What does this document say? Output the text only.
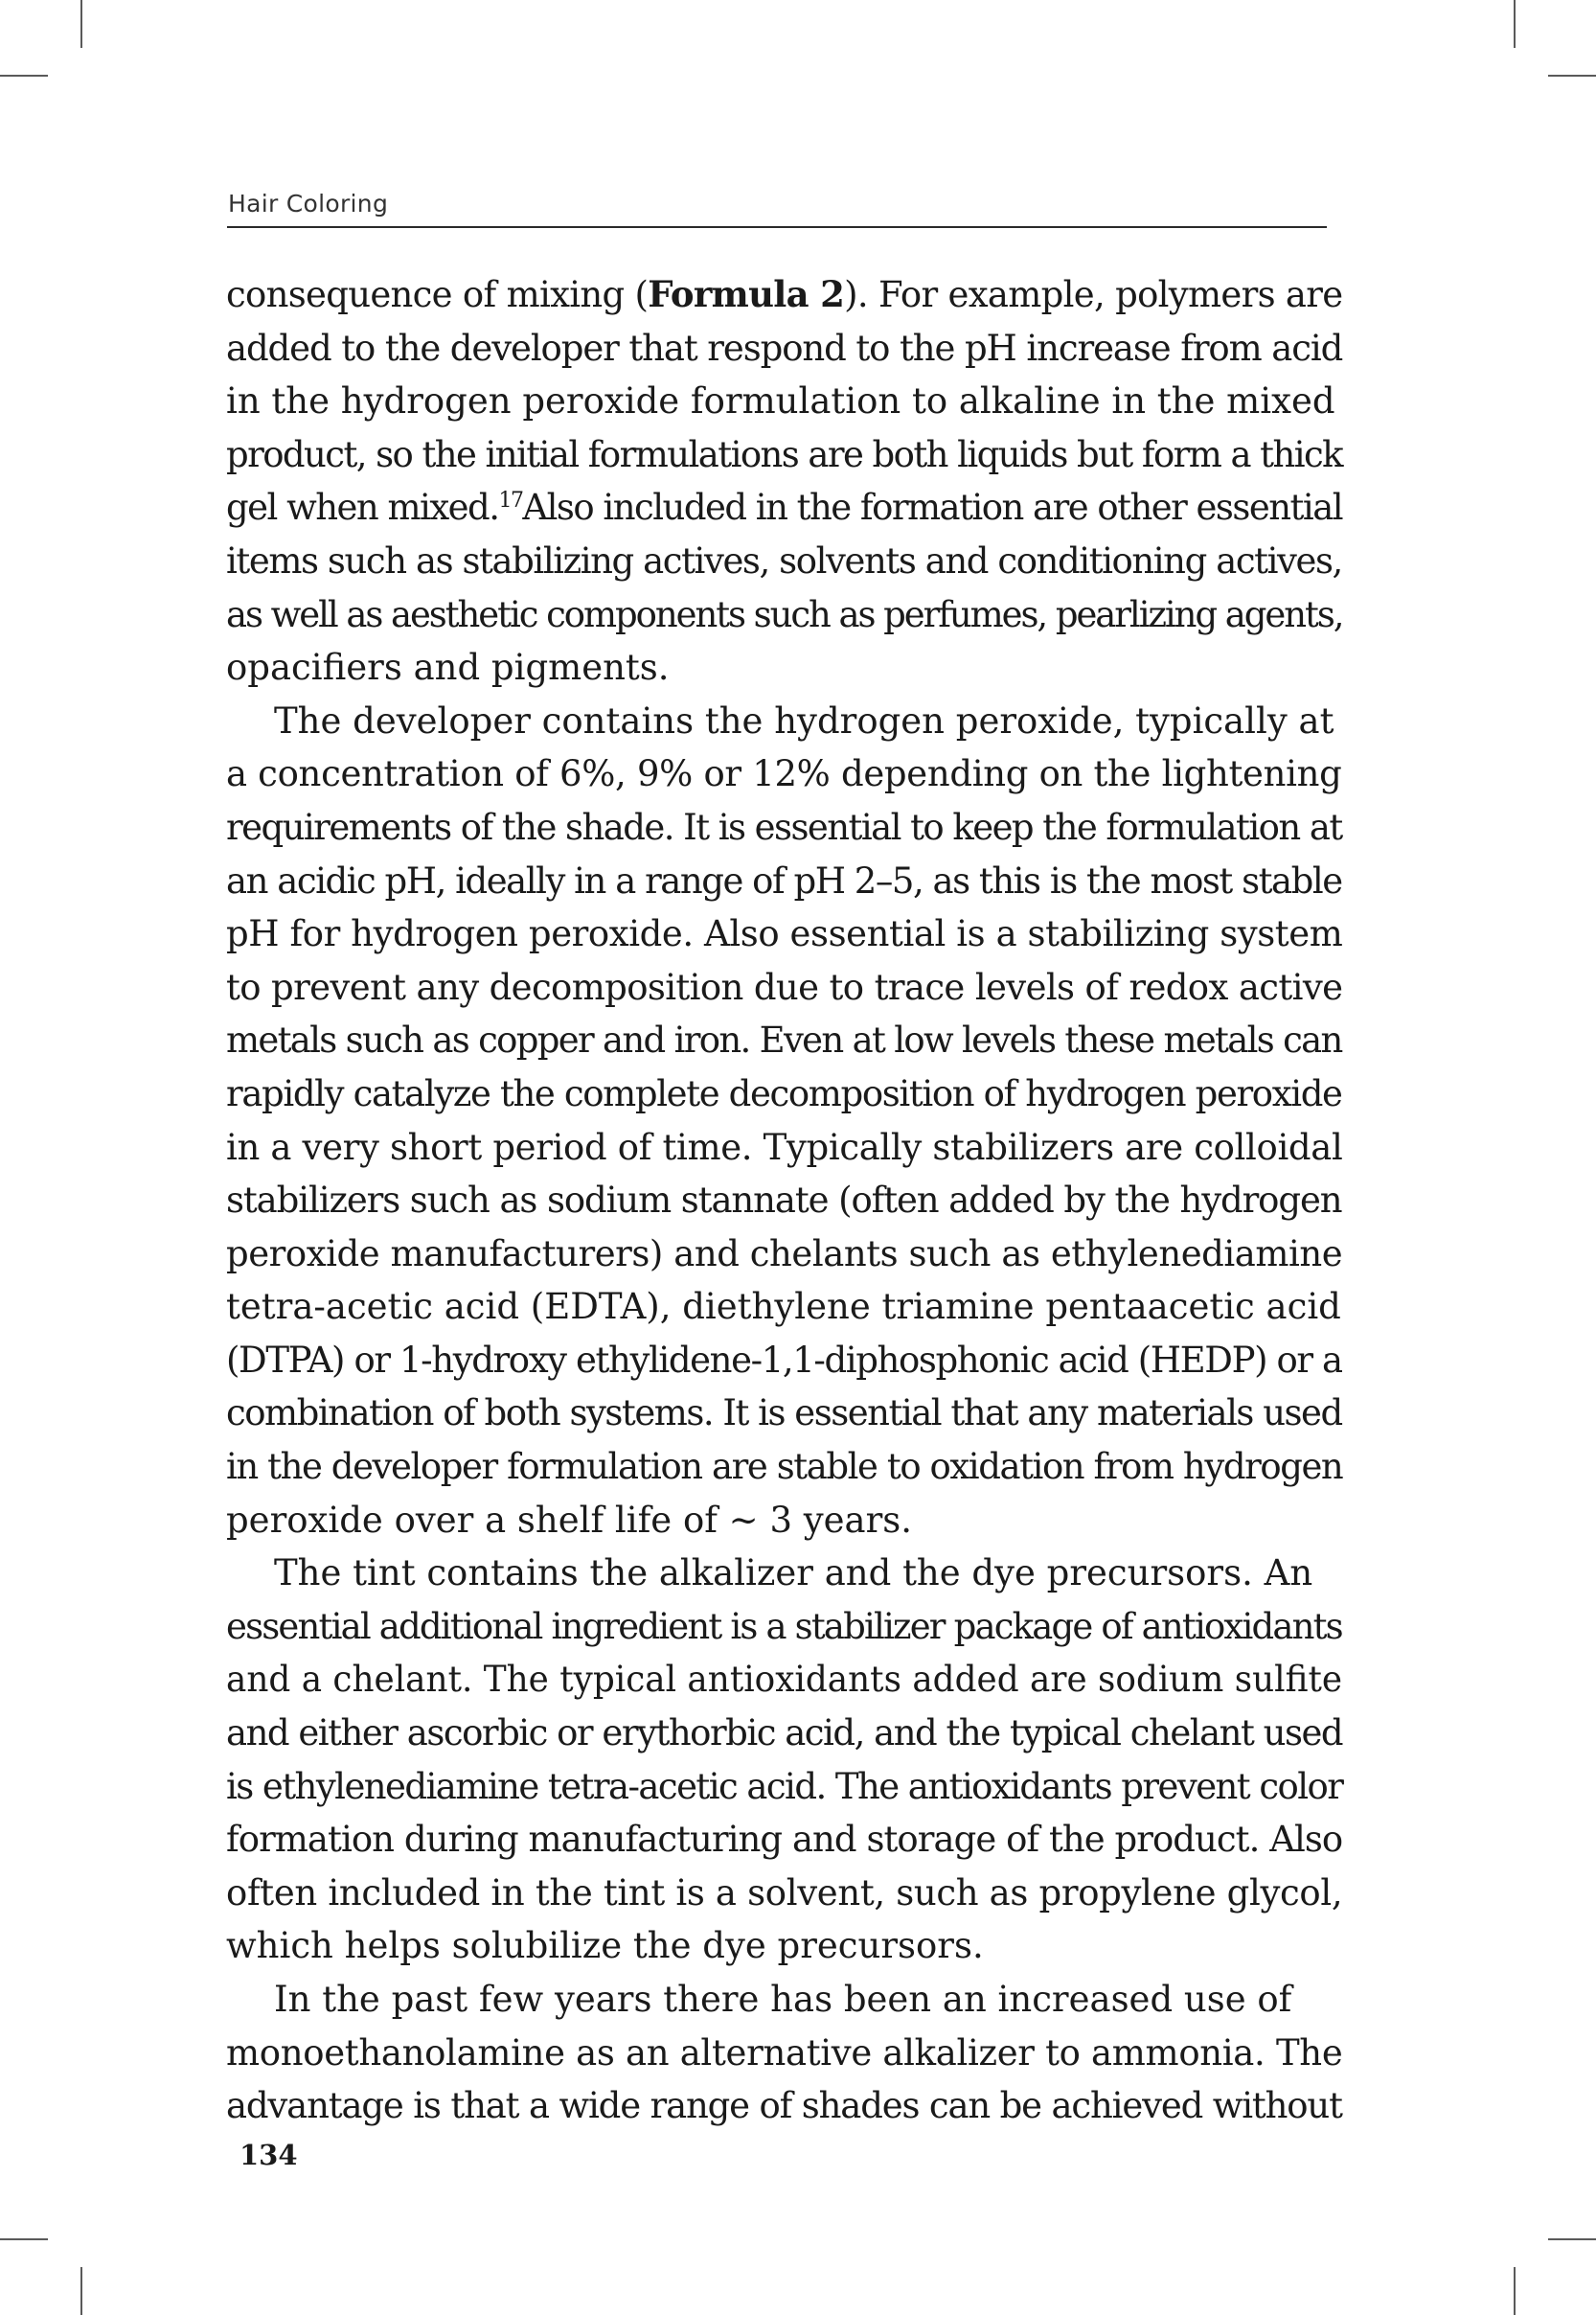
Hair Coloring
consequence of mixing (Formula 2). For example, polymers are
added to the developer that respond to the pH increase from acid
in the hydrogen peroxide formulation to alkaline in the mixed
product, so the initial formulations are both liquids but form a thick
gel when mixed.$^{17}$Also included in the formation are other essential
items such as stabilizing actives, solvents and conditioning actives,
as well as aesthetic components such as perfumes, pearlizing agents,
opacifiers and pigments.
The developer contains the hydrogen peroxide, typically at
a concentration of 6%, 9% or 12% depending on the lightening
requirements of the shade. It is essential to keep the formulation at
an acidic pH, ideally in a range of pH 2–5, as this is the most stable
pH for hydrogen peroxide. Also essential is a stabilizing system
to prevent any decomposition due to trace levels of redox active
metals such as copper and iron. Even at low levels these metals can
rapidly catalyze the complete decomposition of hydrogen peroxide
in a very short period of time. Typically stabilizers are colloidal
stabilizers such as sodium stannate (often added by the hydrogen
peroxide manufacturers) and chelants such as ethylenediamine
tetra-acetic acid (EDTA), diethylene triamine pentaacetic acid
(DTPA) or 1-hydroxy ethylidene-1,1-diphosphonic acid (HEDP) or a
combination of both systems. It is essential that any materials used
in the developer formulation are stable to oxidation from hydrogen
peroxide over a shelf life of ~ 3 years.
The tint contains the alkalizer and the dye precursors. An
essential additional ingredient is a stabilizer package of antioxidants
and a chelant. The typical antioxidants added are sodium sulfite
and either ascorbic or erythorbic acid, and the typical chelant used
is ethylenediamine tetra-acetic acid. The antioxidants prevent color
formation during manufacturing and storage of the product. Also
often included in the tint is a solvent, such as propylene glycol,
which helps solubilize the dye precursors.
In the past few years there has been an increased use of
monoethanolamine as an alternative alkalizer to ammonia. The
advantage is that a wide range of shades can be achieved without
134
